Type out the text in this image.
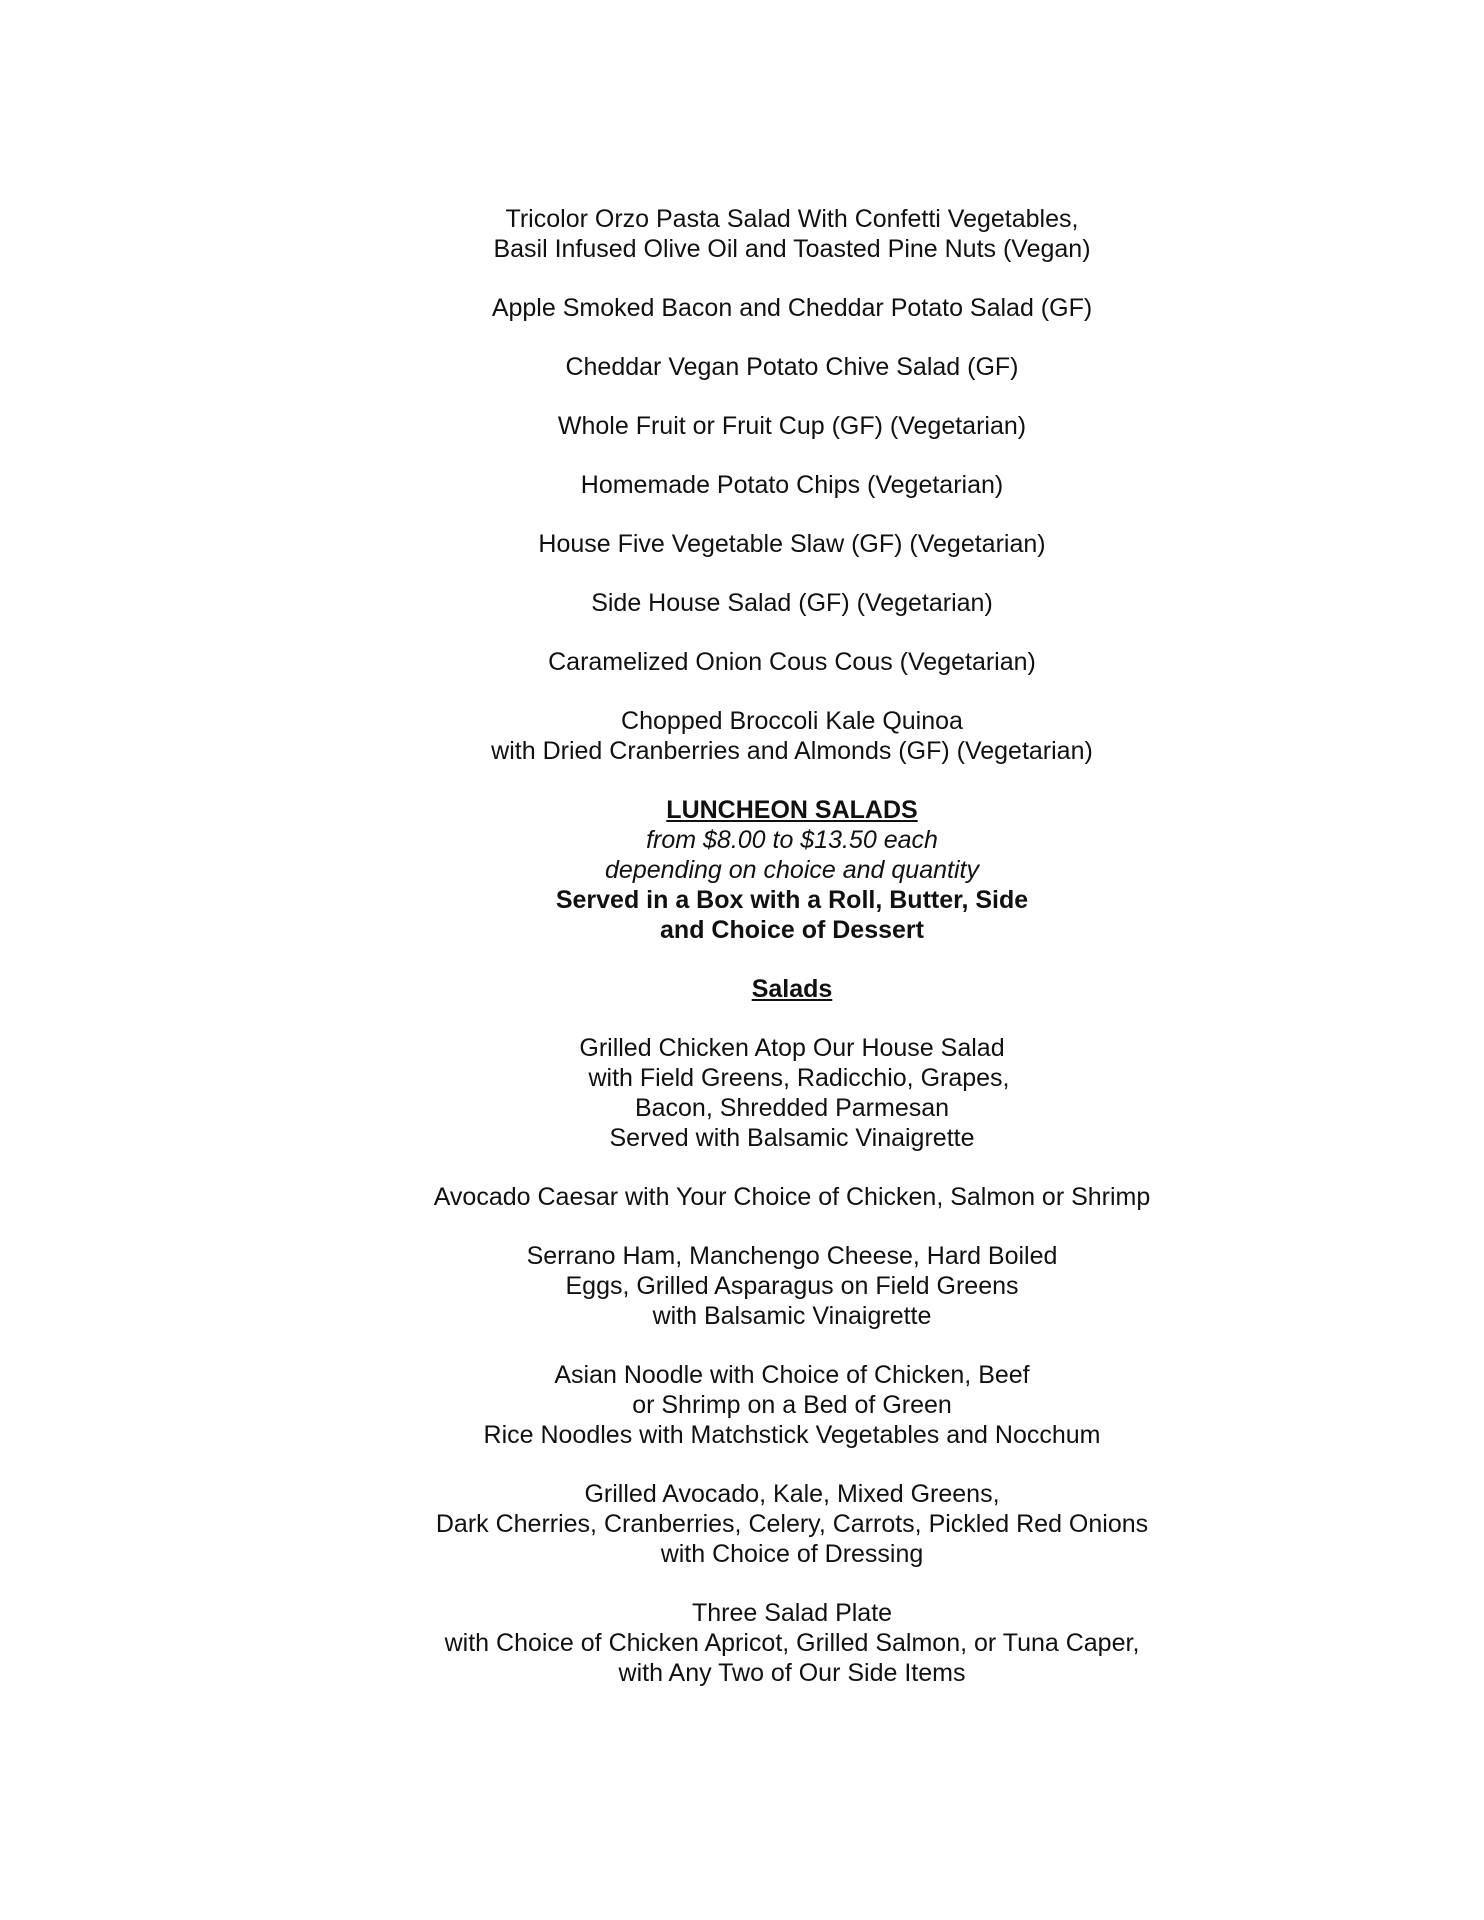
Tricolor Orzo Pasta Salad With Confetti Vegetables,
Basil Infused Olive Oil and Toasted Pine Nuts (Vegan)
Apple Smoked Bacon and Cheddar Potato Salad (GF)
Cheddar Vegan Potato Chive Salad (GF)
Whole Fruit or Fruit Cup (GF) (Vegetarian)
Homemade Potato Chips (Vegetarian)
House Five Vegetable Slaw (GF) (Vegetarian)
Side House Salad (GF) (Vegetarian)
Caramelized Onion Cous Cous (Vegetarian)
Chopped Broccoli Kale Quinoa
with Dried Cranberries and Almonds (GF) (Vegetarian)
LUNCHEON SALADS
from $8.00 to $13.50 each
depending on choice and quantity
Served in a Box with a Roll, Butter, Side
and Choice of Dessert
Salads
Grilled Chicken Atop Our House Salad
with Field Greens, Radicchio, Grapes,
Bacon, Shredded Parmesan
Served with Balsamic Vinaigrette
Avocado Caesar with Your Choice of Chicken, Salmon or Shrimp
Serrano Ham, Manchengo Cheese, Hard Boiled
Eggs, Grilled Asparagus on Field Greens
with Balsamic Vinaigrette
Asian Noodle with Choice of Chicken, Beef
or Shrimp on a Bed of Green
Rice Noodles with Matchstick Vegetables and Nocchum
Grilled Avocado, Kale, Mixed Greens,
Dark Cherries, Cranberries, Celery, Carrots, Pickled Red Onions
with Choice of Dressing
Three Salad Plate
with Choice of Chicken Apricot, Grilled Salmon, or Tuna Caper,
with Any Two of Our Side Items
